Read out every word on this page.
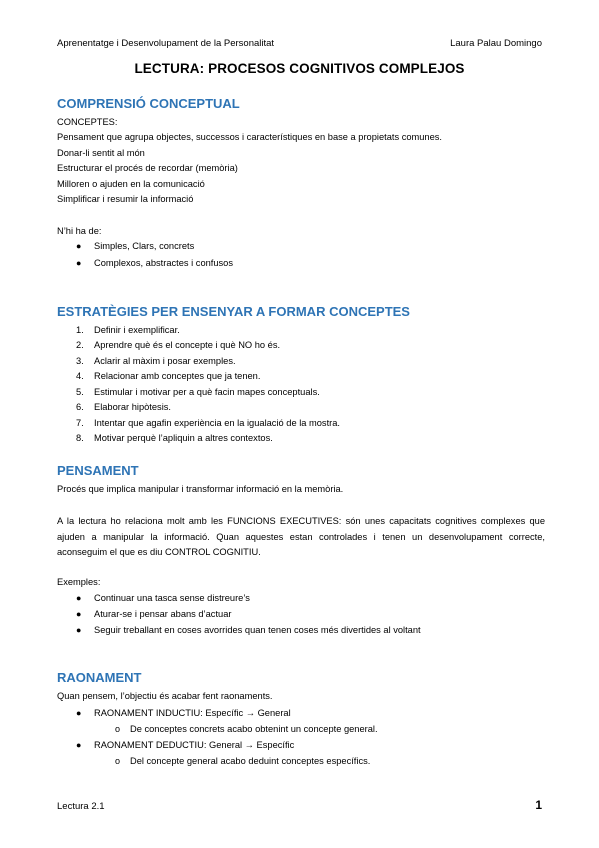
Aprenentatge i Desenvolupament de la Personalitat	Laura Palau Domingo
LECTURA: PROCESOS COGNITIVOS COMPLEJOS
COMPRENSIÓ CONCEPTUAL
CONCEPTES:
Pensament que agrupa objectes, successos i característiques en base a propietats comunes.
Donar-li sentit al món
Estructurar el procés de recordar (memòria)
Milloren o ajuden en la comunicació
Simplificar i resumir la informació
N’hi ha de:
● Simples, Clars, concrets
● Complexos, abstractes i confusos
ESTRATÈGIES PER ENSENYAR A FORMAR CONCEPTES
1. Definir i exemplificar.
2. Aprendre què és el concepte i què NO ho és.
3. Aclarir al màxim i posar exemples.
4. Relacionar amb conceptes que ja tenen.
5. Estimular i motivar per a què facin mapes conceptuals.
6. Elaborar hipòtesis.
7. Intentar que agafin experiència en la igualació de la mostra.
8. Motivar perquè l’apliquin a altres contextos.
PENSAMENT
Procés que implica manipular i transformar informació en la memòria.
A la lectura ho relaciona molt amb les FUNCIONS EXECUTIVES: són unes capacitats cognitives complexes que ajuden a manipular la informació. Quan aquestes estan controlades i tenen un desenvolupament correcte, aconseguim el que es diu CONTROL COGNITIU.
Exemples:
● Continuar una tasca sense distreure’s
● Aturar-se i pensar abans d’actuar
● Seguir treballant en coses avorrides quan tenen coses més divertides al voltant
RAONAMENT
Quan pensem, l’objectiu és acabar fent raonaments.
● RAONAMENT INDUCTIU: Específic → General
o De conceptes concrets acabo obtenint un concepte general.
● RAONAMENT DEDUCTIU: General → Específic
o Del concepte general acabo deduint conceptes específics.
Lectura 2.1	1
